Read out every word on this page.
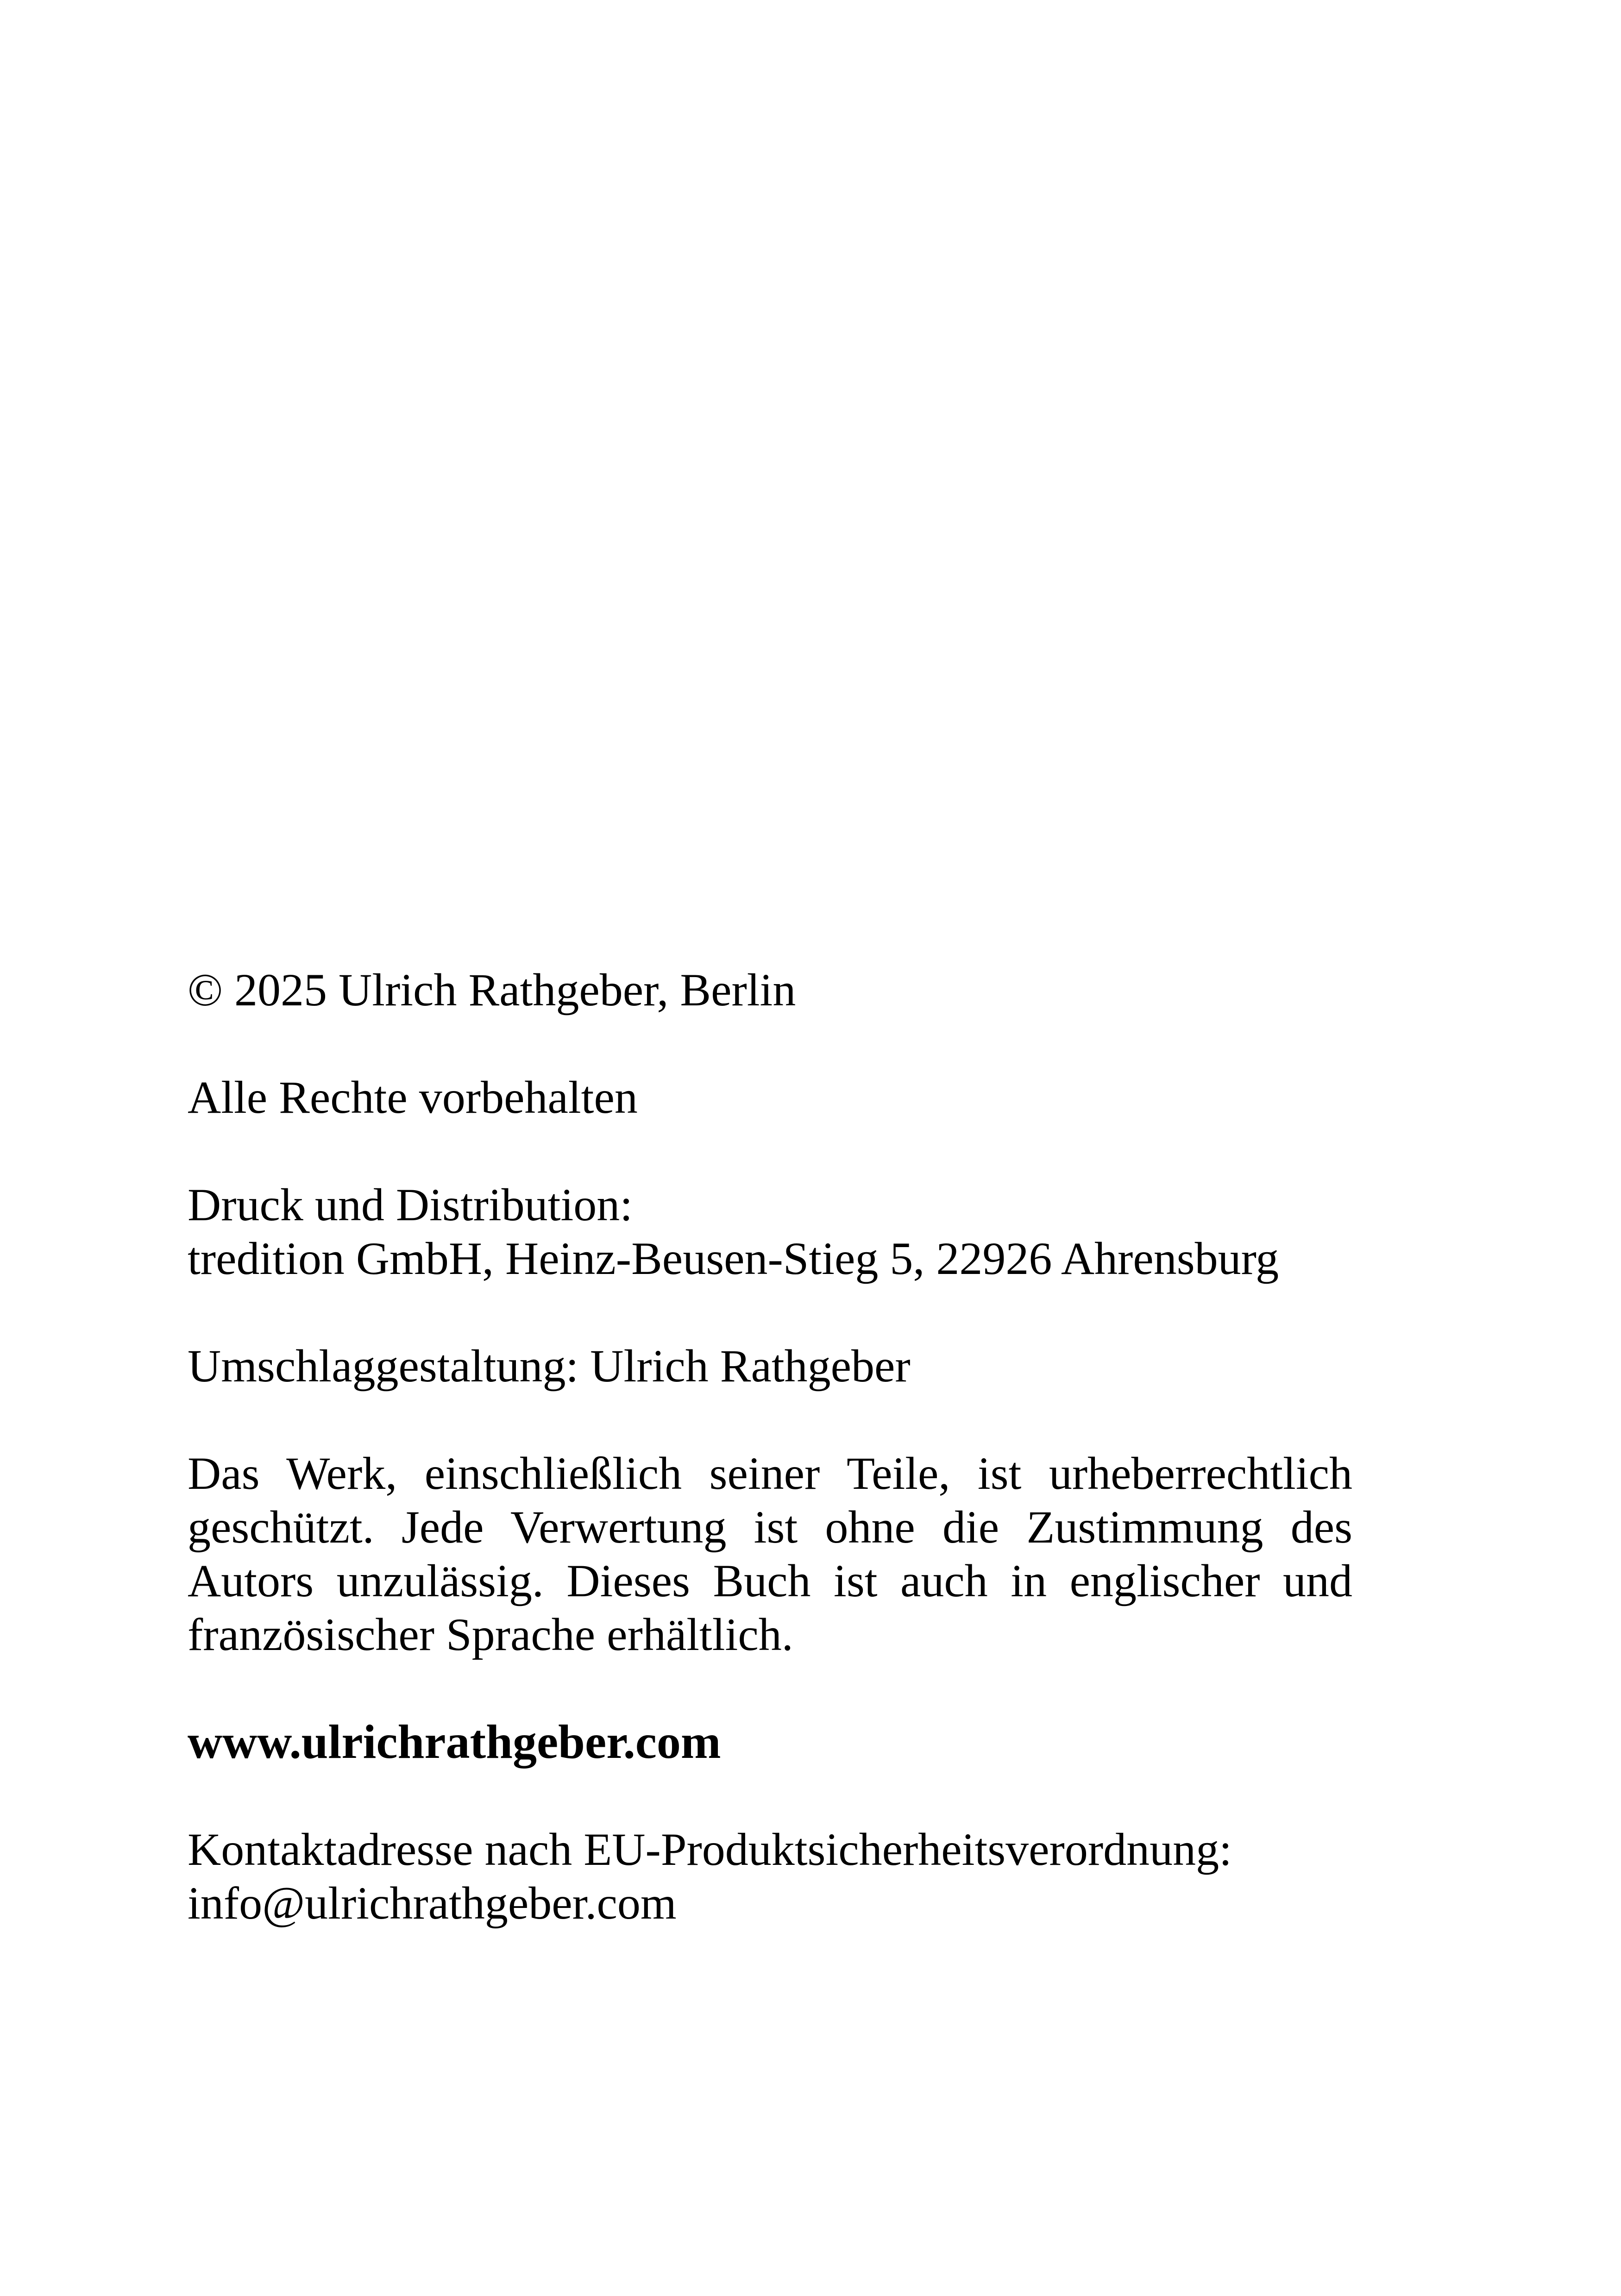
© 2025 Ulrich Rathgeber, Berlin

Alle Rechte vorbehalten

Druck und Distribution:
tredition GmbH, Heinz-Beusen-Stieg 5, 22926 Ahrensburg

Umschlaggestaltung: Ulrich Rathgeber

Das Werk, einschließlich seiner Teile, ist urheberrechtlich geschützt. Jede Verwertung ist ohne die Zustimmung des Autors unzulässig. Dieses Buch ist auch in englischer und französischer Sprache erhältlich.

www.ulrichrathgeber.com

Kontaktadresse nach EU-Produktsicherheitsverordnung:
info@ulrichrathgeber.com
